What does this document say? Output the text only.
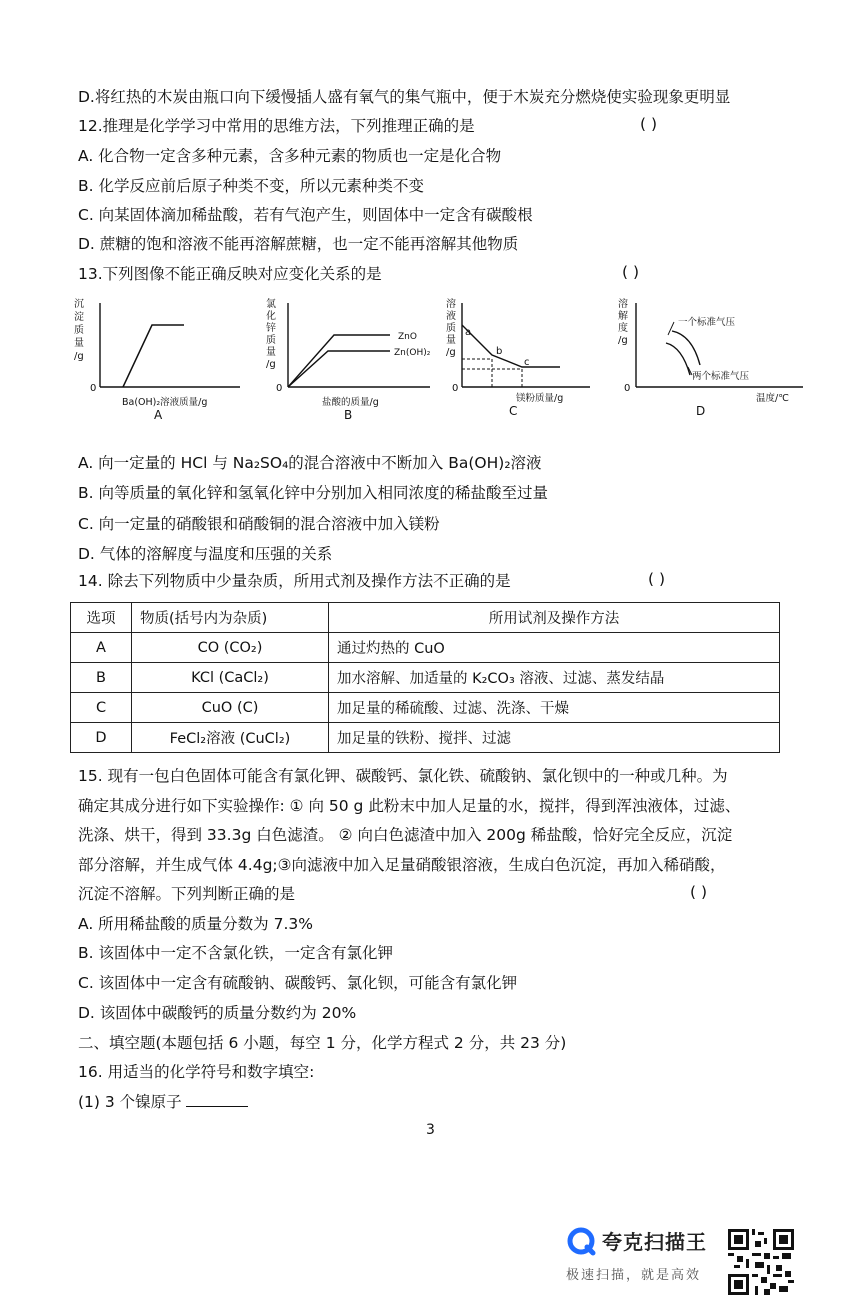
D.将红热的木炭由瓶口向下缓慢插人盛有氧气的集气瓶中，便于木炭充分燃烧使实验现象更明显
12.推理是化学学习中常用的思维方法，下列推理正确的是	( )
A. 化合物一定含多种元素，含多种元素的物质也一定是化合物
B. 化学反应前后原子种类不变，所以元素种类不变
C. 向某固体滴加稀盐酸，若有气泡产生，则固体中一定含有碳酸根
D. 蔗糖的饱和溶液不能再溶解蔗糖，也一定不能再溶解其他物质
13.下列图像不能正确反映对应变化关系的是	( )
沉
淀
质
量
/g
0
Ba(OH)₂溶液质量/g
A
氯
化
锌
质
量
/g
0
盐酸的质量/g
B
ZnO
Zn(OH)₂
溶
液
质
量
/g
0
镁粉质量/g
C
a
b
c
溶
解
度
/g
0
温度/℃
D
一个标准气压
两个标准气压
A. 向一定量的 HCl 与 Na₂SO₄的混合溶液中不断加入 Ba(OH)₂溶液
B. 向等质量的氧化锌和氢氧化锌中分别加入相同浓度的稀盐酸至过量
C. 向一定量的硝酸银和硝酸铜的混合溶液中加入镁粉
D. 气体的溶解度与温度和压强的关系
14. 除去下列物质中少量杂质，所用式剂及操作方法不正确的是	( )
选项	物质(括号内为杂质)	所用试剂及操作方法
A	CO (CO₂)	通过灼热的 CuO
B	KCl (CaCl₂)	加水溶解、加适量的 K₂CO₃ 溶液、过滤、蒸发结晶
C	CuO (C)	加足量的稀硫酸、过滤、洗涤、干燥
D	FeCl₂溶液 (CuCl₂)	加足量的铁粉、搅拌、过滤
15. 现有一包白色固体可能含有氯化钾、碳酸钙、氯化铁、硫酸钠、氯化钡中的一种或几种。为
确定其成分进行如下实验操作: ① 向 50 g 此粉末中加人足量的水，搅拌，得到浑浊液体，过滤、
洗涤、烘干，得到 33.3g 白色滤渣。 ② 向白色滤渣中加入 200g 稀盐酸，恰好完全反应，沉淀
部分溶解，并生成气体 4.4g;③向滤液中加入足量硝酸银溶液，生成白色沉淀，再加入稀硝酸，
沉淀不溶解。下列判断正确的是	( )
A. 所用稀盐酸的质量分数为 7.3%
B. 该固体中一定不含氯化铁，一定含有氯化钾
C. 该固体中一定含有硫酸钠、碳酸钙、氯化钡，可能含有氯化钾
D. 该固体中碳酸钙的质量分数约为 20%
二、填空题(本题包括 6 小题，每空 1 分，化学方程式 2 分，共 23 分)
16. 用适当的化学符号和数字填空:
(1) 3 个镍原子
3
夸克扫描王
极速扫描，就是高效
